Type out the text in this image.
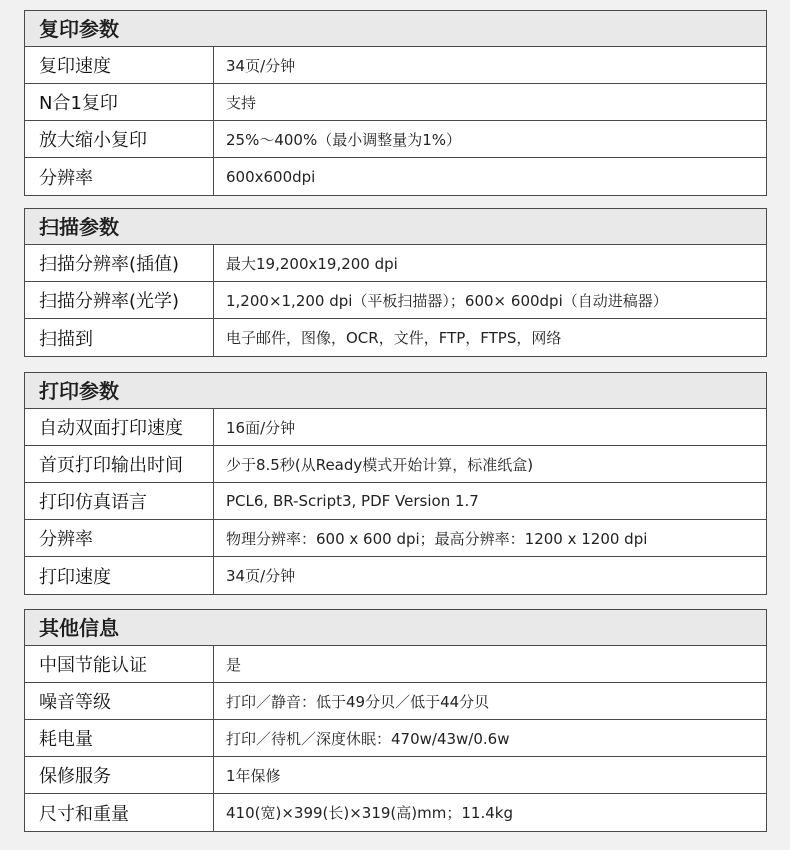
复印参数
复印速度	34页/分钟
N合1复印	支持
放大缩小复印	25%～400%（最小调整量为1%）
分辨率	600x600dpi
扫描参数
扫描分辨率(插值)	最大19,200x19,200 dpi
扫描分辨率(光学)	1,200×1,200 dpi（平板扫描器）；600× 600dpi（自动进稿器）
扫描到	电子邮件，图像，OCR，文件，FTP，FTPS，网络
打印参数
自动双面打印速度	16面/分钟
首页打印输出时间	少于8.5秒(从Ready模式开始计算，标准纸盒)
打印仿真语言	PCL6, BR-Script3, PDF Version 1.7
分辨率	物理分辨率：600 x 600 dpi；最高分辨率：1200 x 1200 dpi
打印速度	34页/分钟
其他信息
中国节能认证	是
噪音等级	打印／静音：低于49分贝／低于44分贝
耗电量	打印／待机／深度休眠：470w/43w/0.6w
保修服务	1年保修
尺寸和重量	410(宽)×399(长)×319(高)mm；11.4kg
